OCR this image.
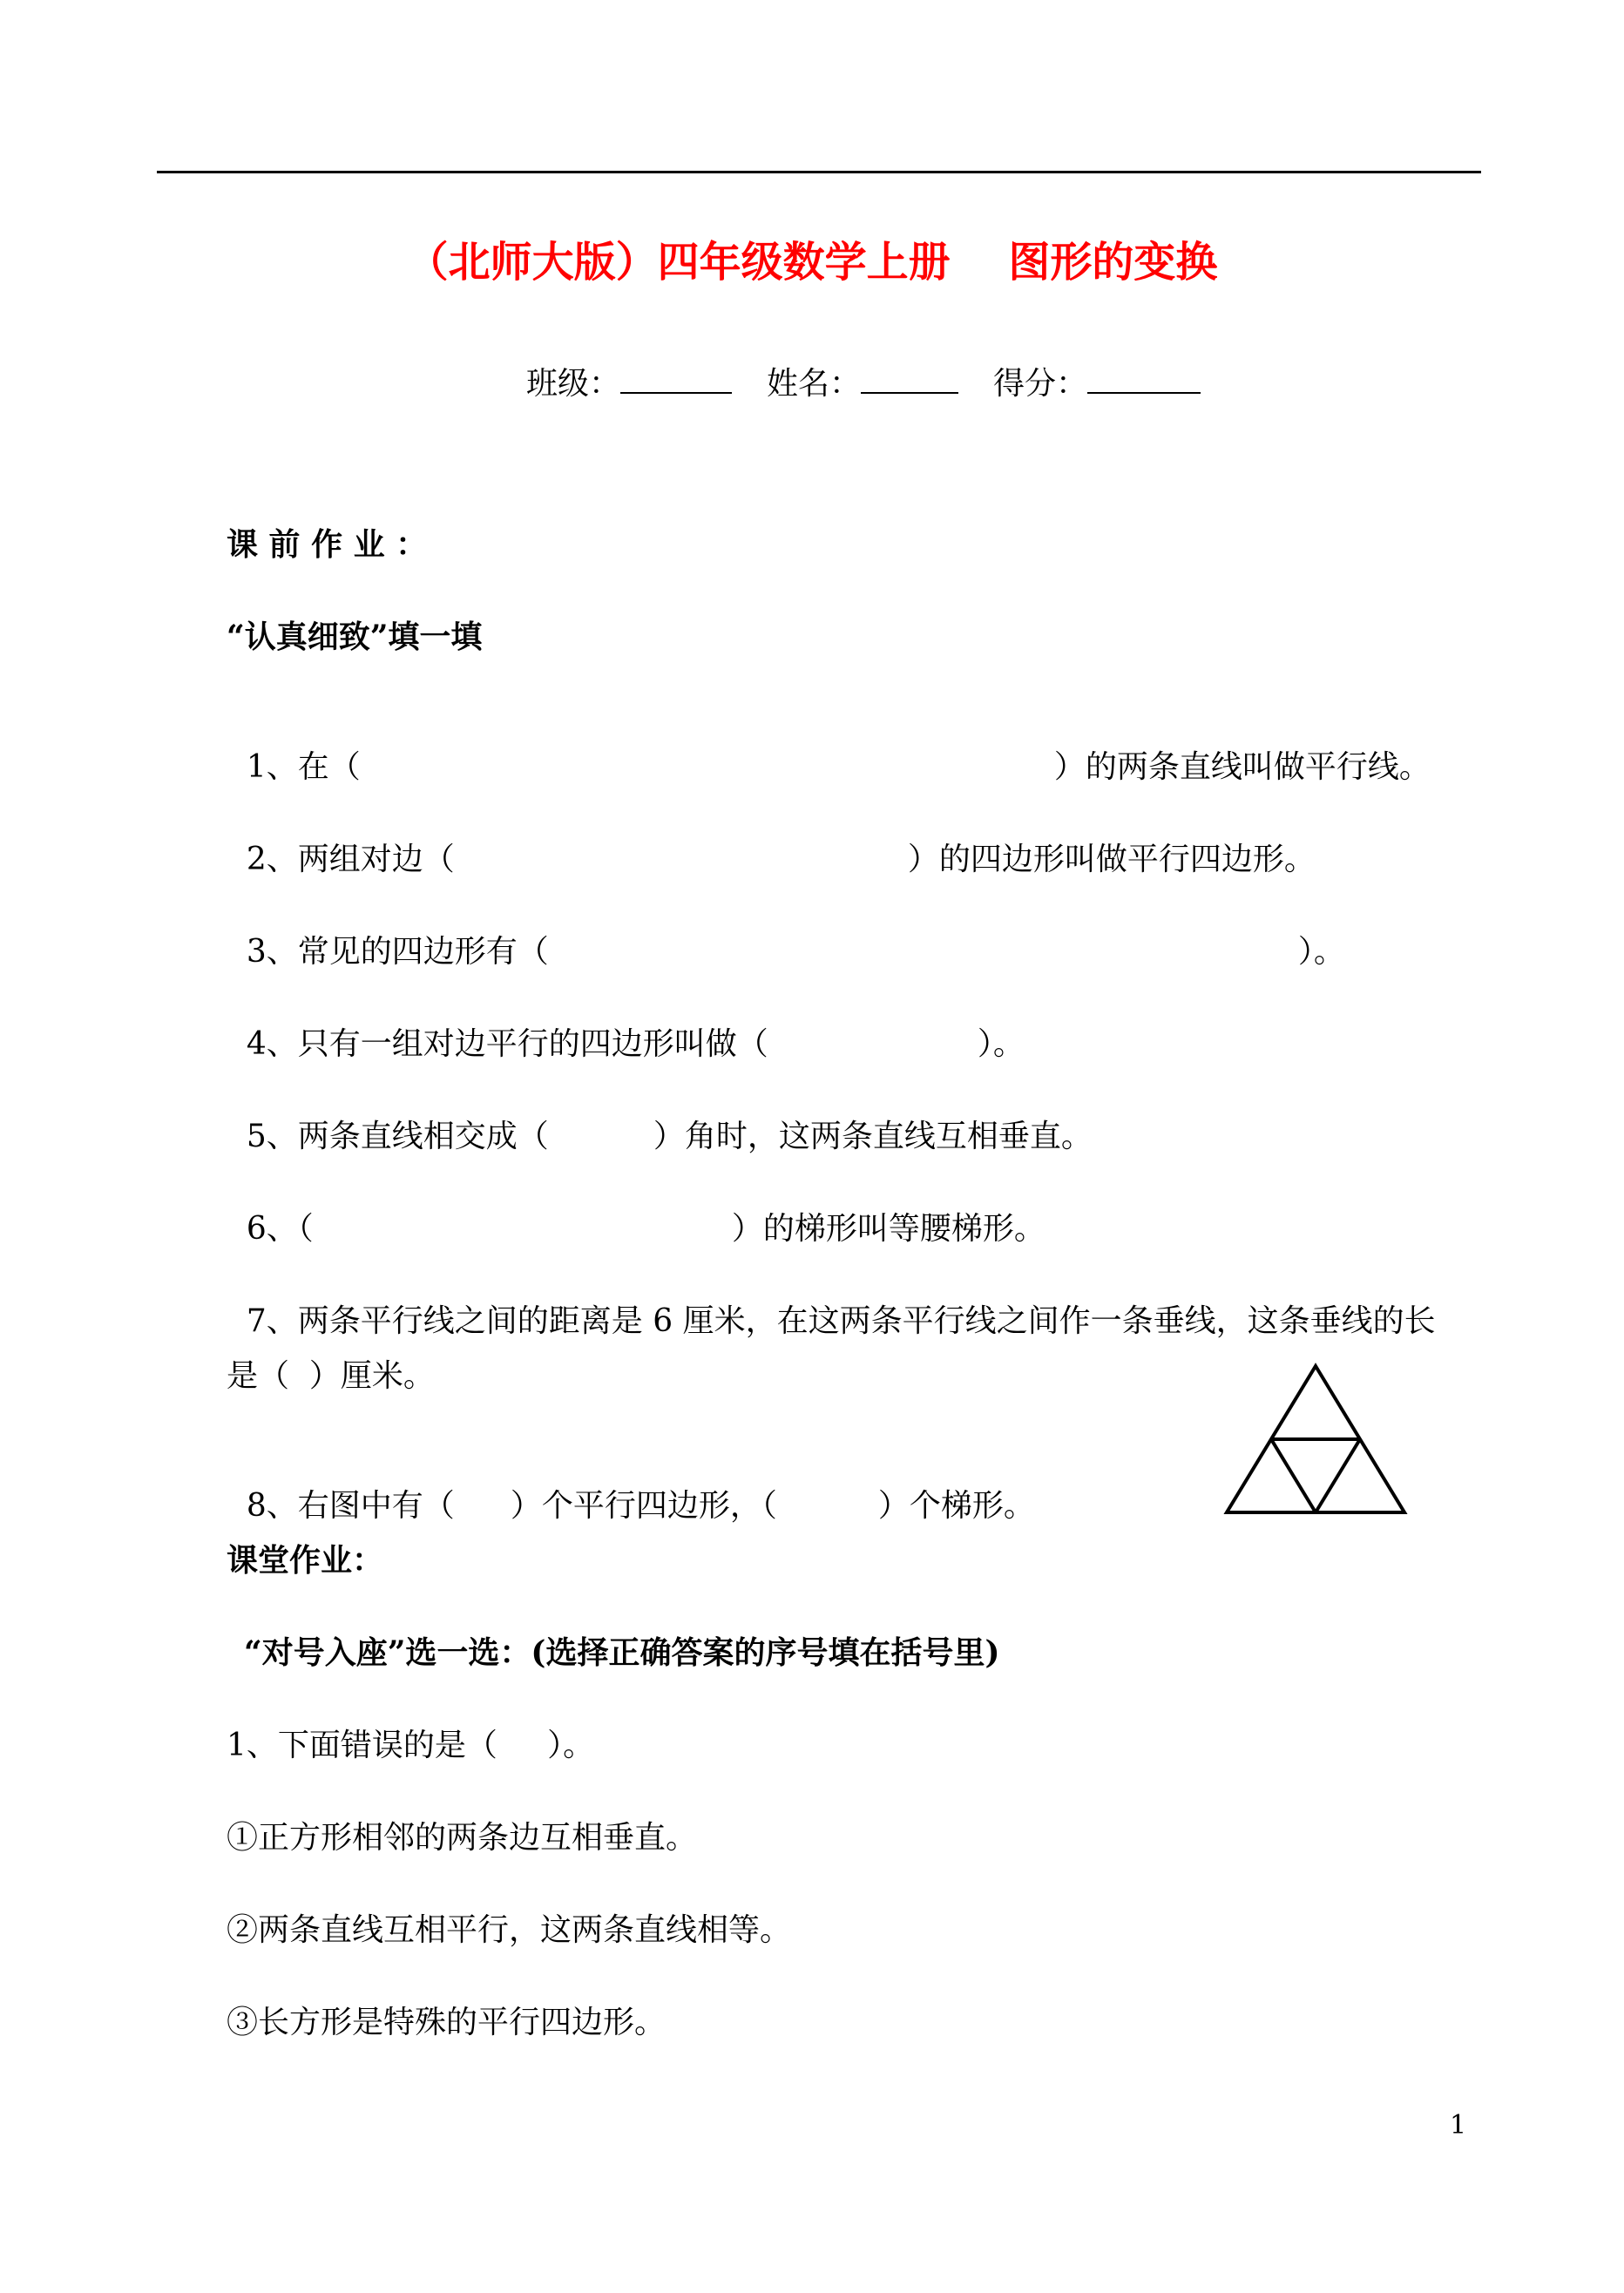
（北师大版）四年级数学上册    图形的变换
班级：	姓名：	得分：
课 前 作 业 ：
“认真细致”填一填

1、在（	）的两条直线叫做平行线。

2、两组对边（	）的四边形叫做平行四边形。

3、常见的四边形有（	）。

4、只有一组对边平行的四边形叫做（	）。

5、两条直线相交成（	）角时，这两条直线互相垂直。

6、（	）的梯形叫等腰梯形。

7、两条平行线之间的距离是 6 厘米，在这两条平行线之间作一条垂线，这条垂线的长

是（  ）厘米。

8、右图中有（ ）个平行四边形，（	）个梯形。

课堂作业：
“对号入座”选一选：(选择正确答案的序号填在括号里)
1、下面错误的是（     ）。
①正方形相邻的两条边互相垂直。
②两条直线互相平行，这两条直线相等。
③长方形是特殊的平行四边形。
1
